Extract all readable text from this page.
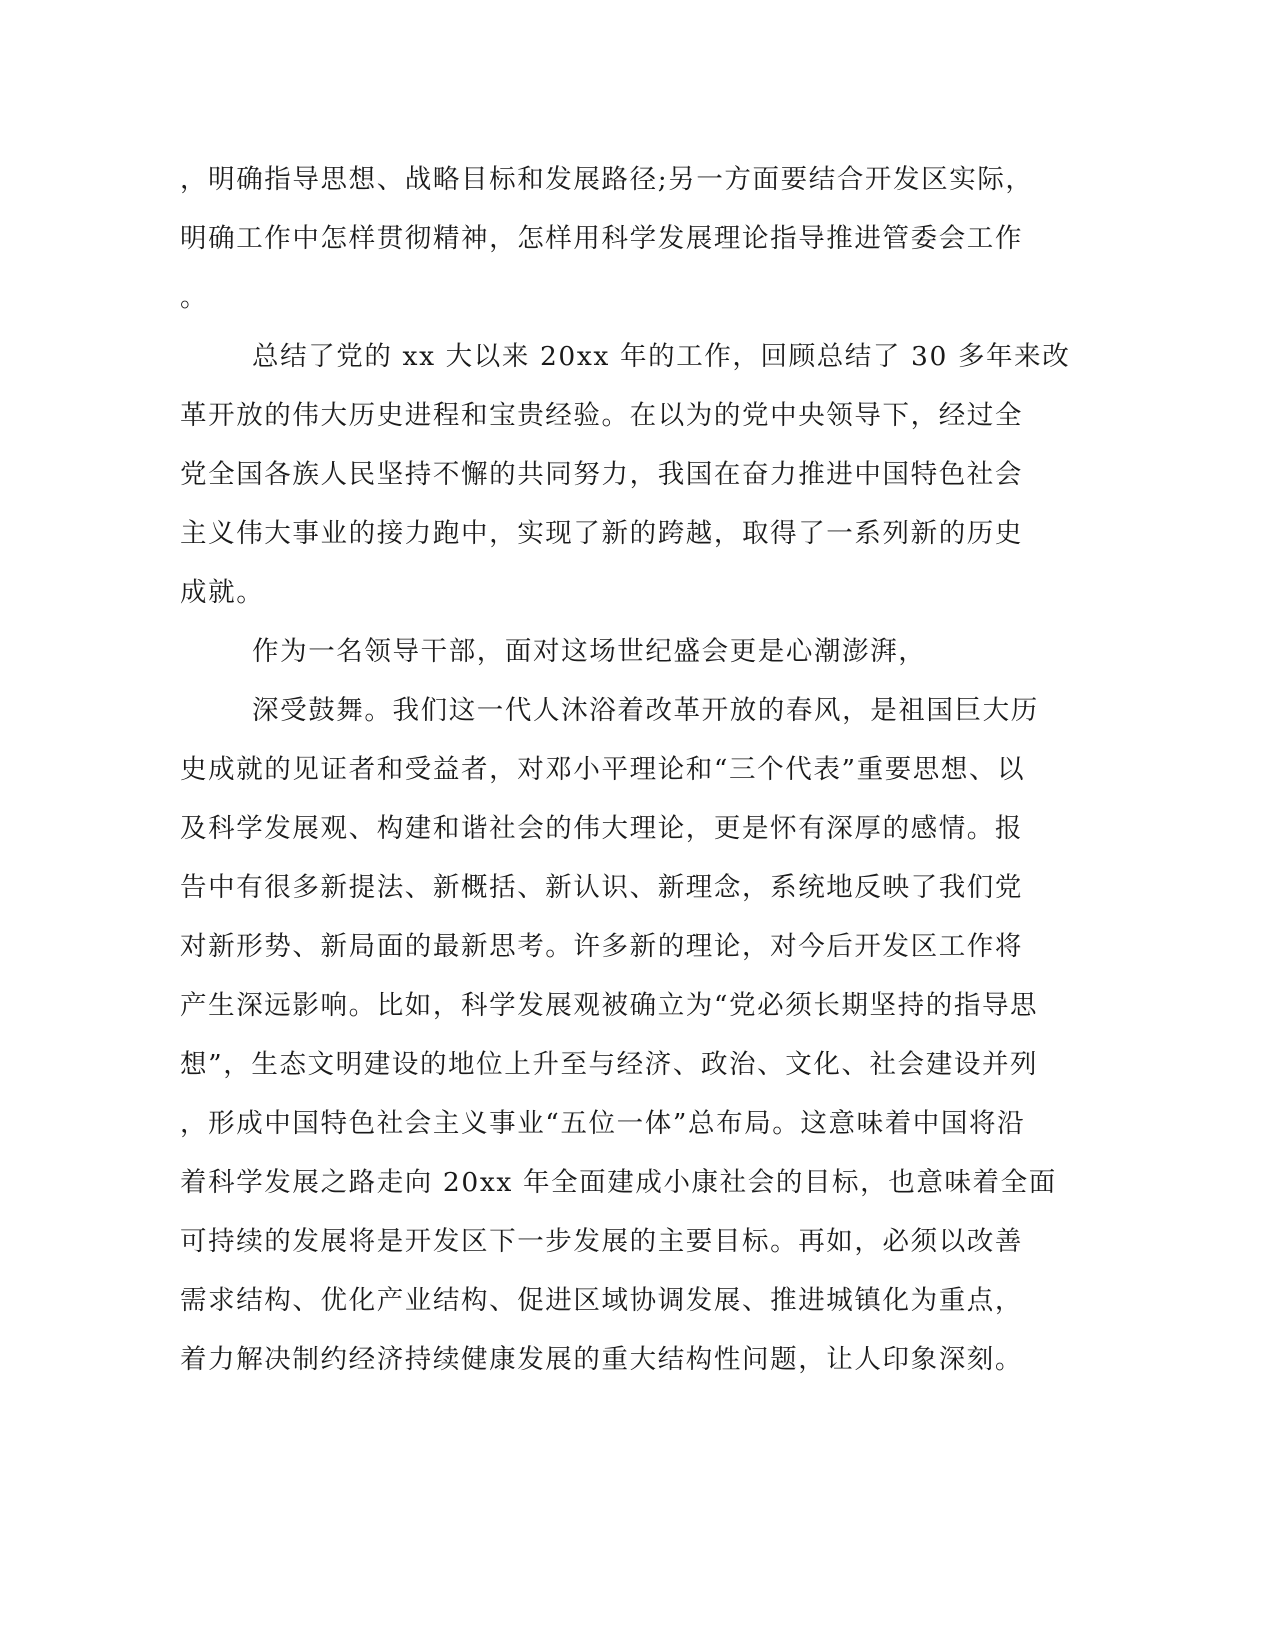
，明确指导思想、战略目标和发展路径;另一方面要结合开发区实际，

明确工作中怎样贯彻精神，怎样用科学发展理论指导推进管委会工作

。

总结了党的 xx 大以来 20xx 年的工作，回顾总结了 30 多年来改

革开放的伟大历史进程和宝贵经验。在以为的党中央领导下，经过全

党全国各族人民坚持不懈的共同努力，我国在奋力推进中国特色社会

主义伟大事业的接力跑中，实现了新的跨越，取得了一系列新的历史

成就。

作为一名领导干部，面对这场世纪盛会更是心潮澎湃，

深受鼓舞。我们这一代人沐浴着改革开放的春风，是祖国巨大历

史成就的见证者和受益者，对邓小平理论和“三个代表”重要思想、以

及科学发展观、构建和谐社会的伟大理论，更是怀有深厚的感情。报

告中有很多新提法、新概括、新认识、新理念，系统地反映了我们党

对新形势、新局面的最新思考。许多新的理论，对今后开发区工作将

产生深远影响。比如，科学发展观被确立为“党必须长期坚持的指导思

想”，生态文明建设的地位上升至与经济、政治、文化、社会建设并列

，形成中国特色社会主义事业“五位一体”总布局。这意味着中国将沿

着科学发展之路走向 20xx 年全面建成小康社会的目标，也意味着全面

可持续的发展将是开发区下一步发展的主要目标。再如，必须以改善

需求结构、优化产业结构、促进区域协调发展、推进城镇化为重点，

着力解决制约经济持续健康发展的重大结构性问题，让人印象深刻。
